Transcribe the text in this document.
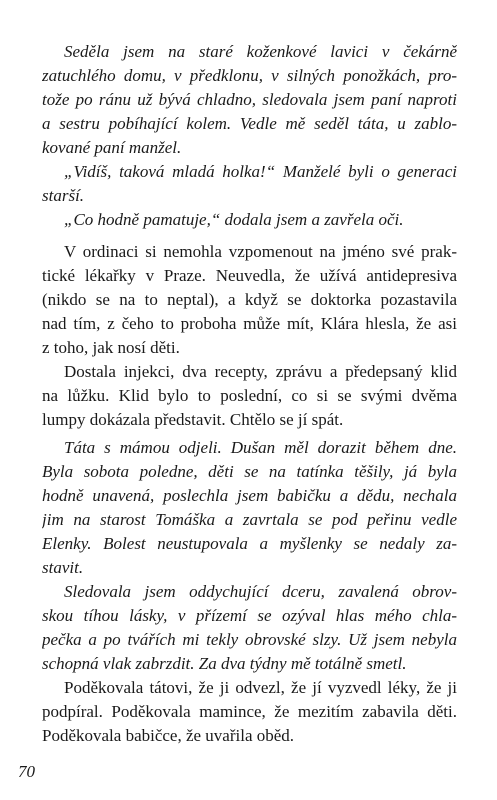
Seděla jsem na staré koženkové lavici v čekárně
zatuchlého domu, v předklonu, v silných ponožkách, pro-
tože po ránu už bývá chladno, sledovala jsem paní naproti
a sestru pobíhající kolem. Vedle mě seděl táta, u zablo-
kované paní manžel.
„Vidíš, taková mladá holka!“ Manželé byli o generaci
starší.
„Co hodně pamatuje,“ dodala jsem a zavřela oči.
V ordinaci si nemohla vzpomenout na jméno své prak-
tické lékařky v Praze. Neuvedla, že užívá antidepresiva
(nikdo se na to neptal), a když se doktorka pozastavila
nad tím, z čeho to proboha může mít, Klára hlesla, že asi
z toho, jak nosí děti.
Dostala injekci, dva recepty, zprávu a předepsaný klid
na lůžku. Klid bylo to poslední, co si se svými dvěma
lumpy dokázala představit. Chtělo se jí spát.
Táta s mámou odjeli. Dušan měl dorazit během dne.
Byla sobota poledne, děti se na tatínka těšily, já byla
hodně unavená, poslechla jsem babičku a dědu, nechala
jim na starost Tomáška a zavrtala se pod peřinu vedle
Elenky. Bolest neustupovala a myšlenky se nedaly za-
stavit.
Sledovala jsem oddychující dceru, zavalená obrov-
skou tíhou lásky, v přízemí se ozýval hlas mého chla-
pečka a po tvářích mi tekly obrovské slzy. Už jsem nebyla
schopná vlak zabrzdit. Za dva týdny mě totálně smetl.
Poděkovala tátovi, že ji odvezl, že jí vyzvedl léky, že ji
podpíral. Poděkovala mamince, že mezitím zabavila děti.
Poděkovala babičce, že uvařila oběd.
70
